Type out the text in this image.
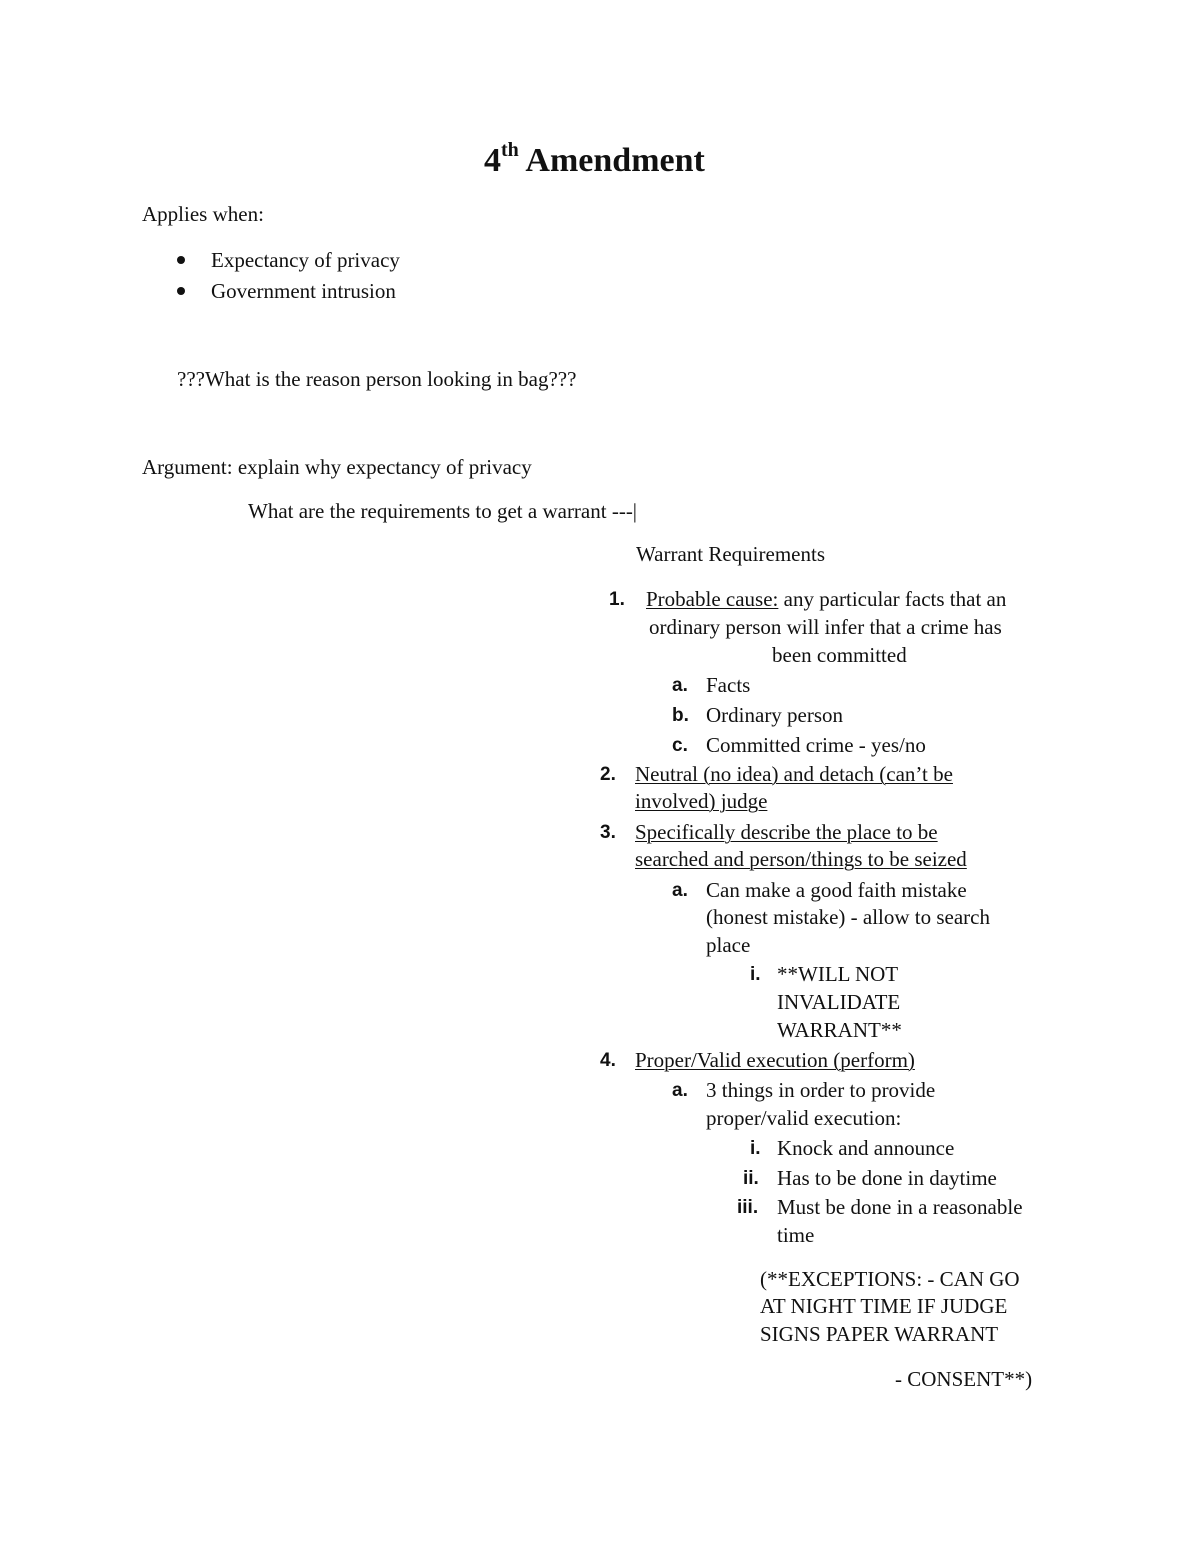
4th Amendment
Applies when:
Expectancy of privacy
Government intrusion
???What is the reason person looking in bag???
Argument: explain why expectancy of privacy
What are the requirements to get a warrant ---|
Warrant Requirements
1. Probable cause: any particular facts that an
ordinary person will infer that a crime has
been committed
a. Facts
b. Ordinary person
c. Committed crime - yes/no
2. Neutral (no idea) and detach (can’t be
involved) judge
3. Specifically describe the place to be
searched and person/things to be seized
a. Can make a good faith mistake
(honest mistake) - allow to search
place
i. **WILL NOT
INVALIDATE
WARRANT**
4. Proper/Valid execution (perform)
a. 3 things in order to provide
proper/valid execution:
i. Knock and announce
ii. Has to be done in daytime
iii. Must be done in a reasonable
time
(**EXCEPTIONS: - CAN GO
AT NIGHT TIME IF JUDGE
SIGNS PAPER WARRANT
- CONSENT**)
